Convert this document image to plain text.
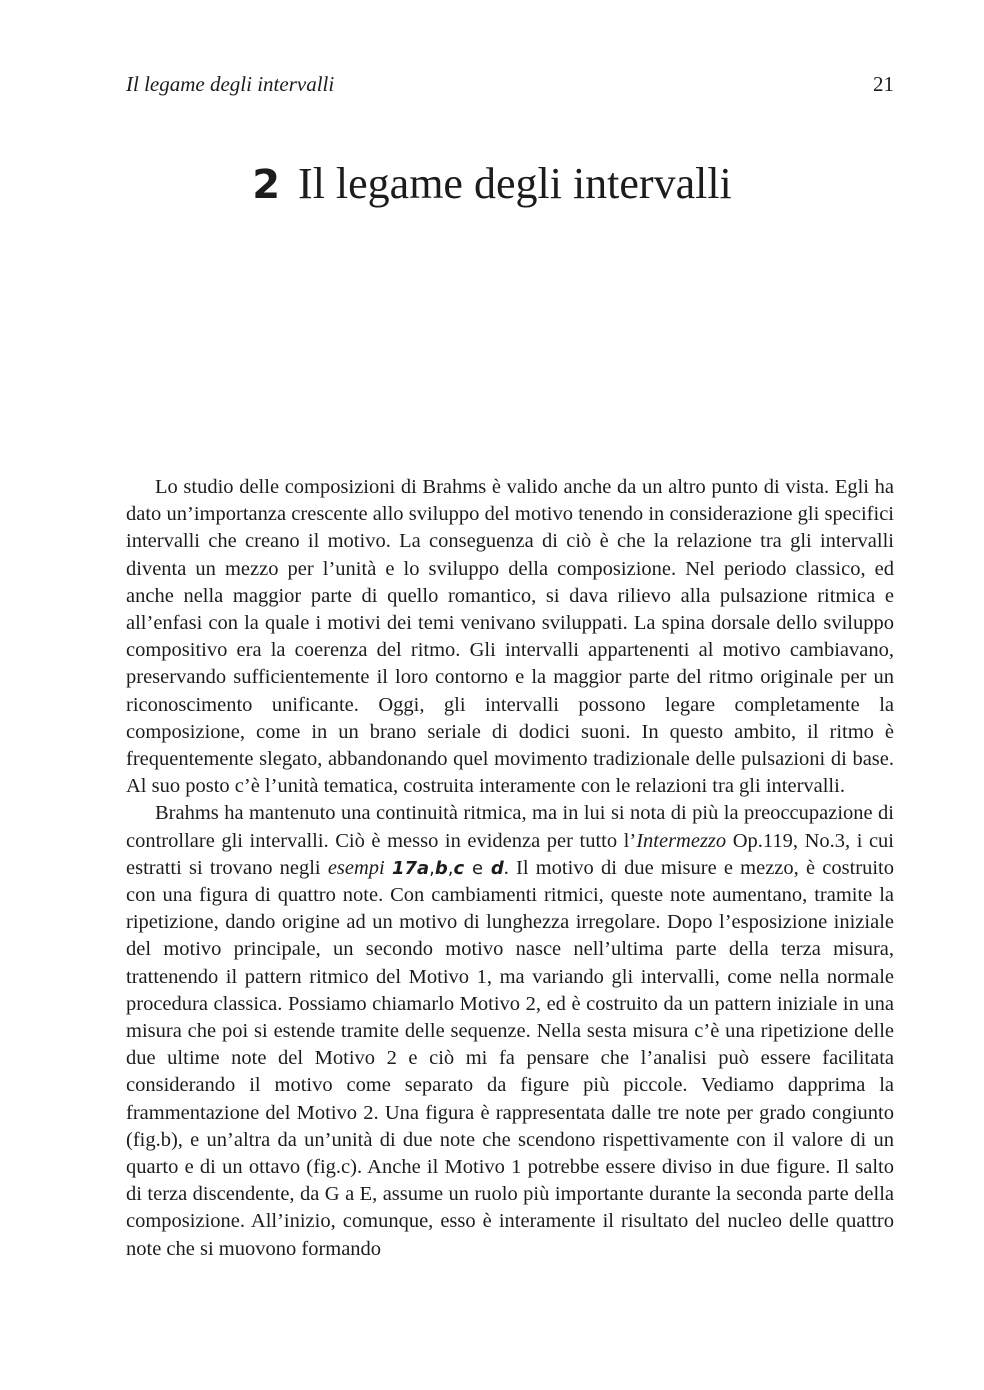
Il legame degli intervalli	21
2 Il legame degli intervalli

Lo studio delle composizioni di Brahms è valido anche da un altro punto di vista. Egli ha dato un’importanza crescente allo sviluppo del motivo tenendo in considerazione gli specifici intervalli che creano il motivo. La conseguenza di ciò è che la relazione tra gli intervalli diventa un mezzo per l’unità e lo sviluppo della composizione. Nel periodo classico, ed anche nella maggior parte di quello romantico, si dava rilievo alla pulsazione ritmica e all’enfasi con la quale i motivi dei temi venivano sviluppati. La spina dorsale dello sviluppo compositivo era la coerenza del ritmo. Gli intervalli appartenenti al motivo cambiavano, preservando sufficientemente il loro contorno e la maggior parte del ritmo originale per un riconoscimento unificante. Oggi, gli intervalli possono legare completamente la composizione, come in un brano seriale di dodici suoni. In questo ambito, il ritmo è frequentemente slegato, abbandonando quel movimento tradizionale delle pulsazioni di base. Al suo posto c’è l’unità tematica, costruita interamente con le relazioni tra gli intervalli.

Brahms ha mantenuto una continuità ritmica, ma in lui si nota di più la preoccupazione di controllare gli intervalli. Ciò è messo in evidenza per tutto l’Intermezzo Op.119, No.3, i cui estratti si trovano negli esempi 17a,b,c e d. Il motivo di due misure e mezzo, è costruito con una figura di quattro note. Con cambiamenti ritmici, queste note aumentano, tramite la ripetizione, dando origine ad un motivo di lunghezza irregolare. Dopo l’esposizione iniziale del motivo principale, un secondo motivo nasce nell’ultima parte della terza misura, trattenendo il pattern ritmico del Motivo 1, ma variando gli intervalli, come nella normale procedura classica. Possiamo chiamarlo Motivo 2, ed è costruito da un pattern iniziale in una misura che poi si estende tramite delle sequenze. Nella sesta misura c’è una ripetizione delle due ultime note del Motivo 2 e ciò mi fa pensare che l’analisi può essere facilitata considerando il motivo come separato da figure più piccole. Vediamo dapprima la frammentazione del Motivo 2. Una figura è rappresentata dalle tre note per grado congiunto (fig.b), e un’altra da un’unità di due note che scendono rispettivamente con il valore di un quarto e di un ottavo (fig.c). Anche il Motivo 1 potrebbe essere diviso in due figure. Il salto di terza discendente, da G a E, assume un ruolo più importante durante la seconda parte della composizione. All’inizio, comunque, esso è interamente il risultato del nucleo delle quattro note che si muovono formando
